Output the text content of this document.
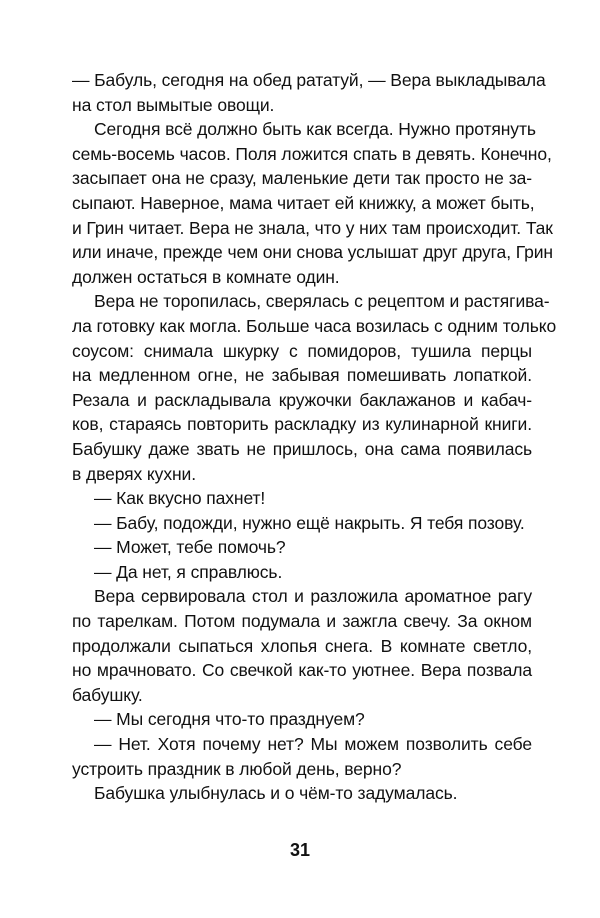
— Бабуль, сегодня на обед рататуй, — Вера выкладывала
на стол вымытые овощи.
Сегодня всё должно быть как всегда. Нужно протянуть
семь-восемь часов. Поля ложится спать в девять. Конечно,
засыпает она не сразу, маленькие дети так просто не за-
сыпают. Наверное, мама читает ей книжку, а может быть,
и Грин читает. Вера не знала, что у них там происходит. Так
или иначе, прежде чем они снова услышат друг друга, Грин
должен остаться в комнате один.
Вера не торопилась, сверялась с рецептом и растягива-
ла готовку как могла. Больше часа возилась с одним только
соусом: снимала шкурку с помидоров, тушила перцы
на медленном огне, не забывая помешивать лопаткой.
Резала и раскладывала кружочки баклажанов и кабач-
ков, стараясь повторить раскладку из кулинарной книги.
Бабушку даже звать не пришлось, она сама появилась
в дверях кухни.
— Как вкусно пахнет!
— Бабу, подожди, нужно ещё накрыть. Я тебя позову.
— Может, тебе помочь?
— Да нет, я справлюсь.
Вера сервировала стол и разложила ароматное рагу
по тарелкам. Потом подумала и зажгла свечу. За окном
продолжали сыпаться хлопья снега. В комнате светло,
но мрачновато. Со свечкой как-то уютнее. Вера позвала
бабушку.
— Мы сегодня что-то празднуем?
— Нет. Хотя почему нет? Мы можем позволить себе
устроить праздник в любой день, верно?
Бабушка улыбнулась и о чём-то задумалась.
31
